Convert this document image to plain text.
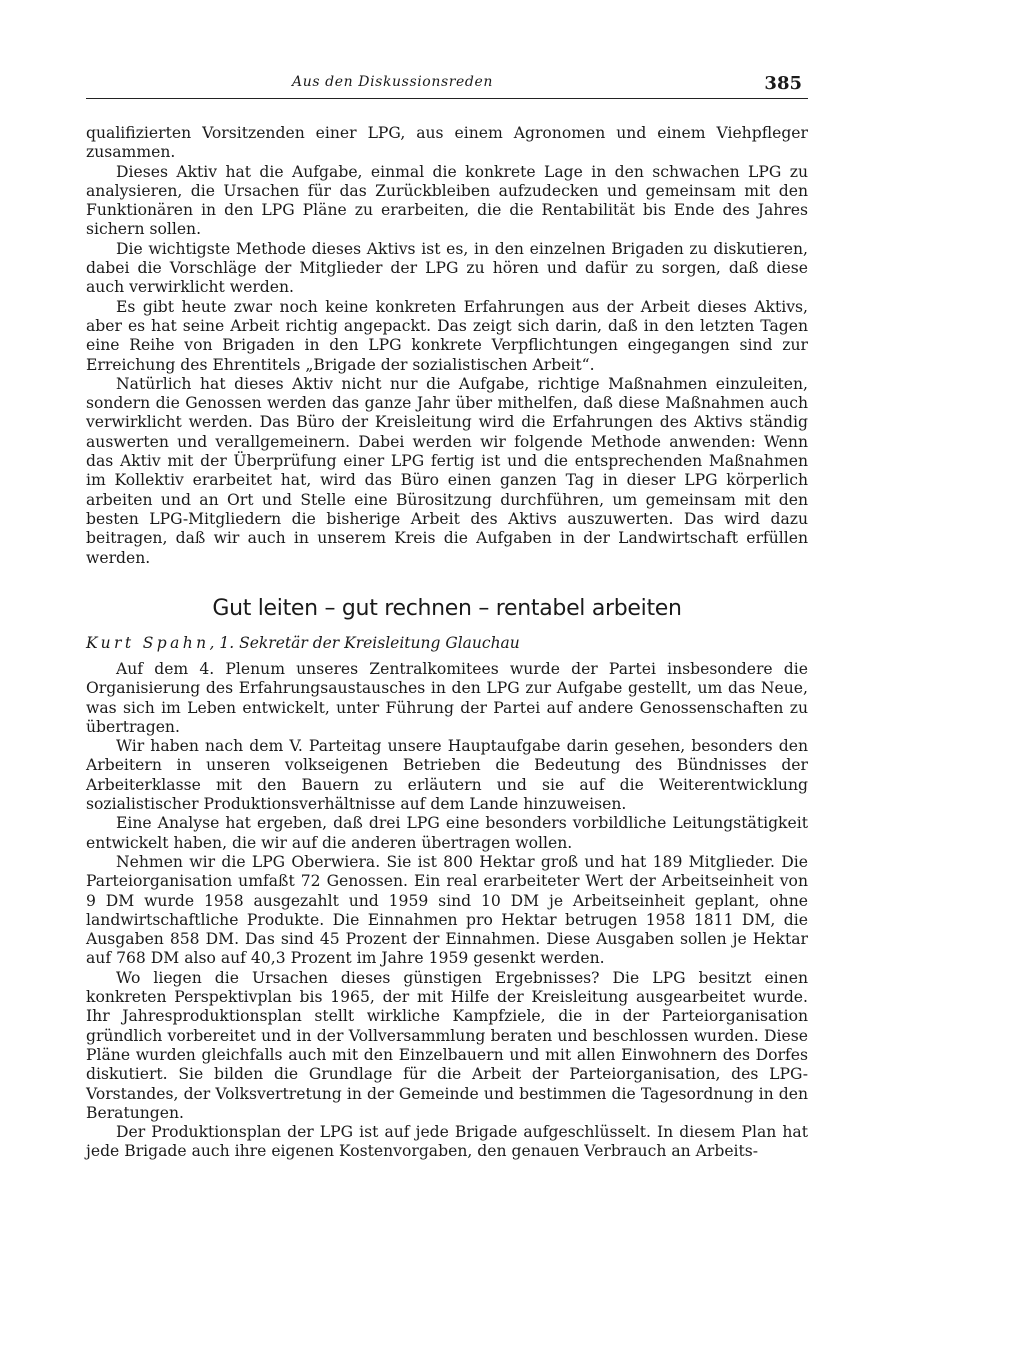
Aus den Diskussionsreden	385

qualifizierten Vorsitzenden einer LPG, aus einem Agronomen und einem Viehpfleger zusammen.

Dieses Aktiv hat die Aufgabe, einmal die konkrete Lage in den schwachen LPG zu analysieren, die Ursachen für das Zurückbleiben aufzudecken und gemeinsam mit den Funktionären in den LPG Pläne zu erarbeiten, die die Rentabilität bis Ende des Jahres sichern sollen.

Die wichtigste Methode dieses Aktivs ist es, in den einzelnen Brigaden zu diskutieren, dabei die Vorschläge der Mitglieder der LPG zu hören und dafür zu sorgen, daß diese auch verwirklicht werden.

Es gibt heute zwar noch keine konkreten Erfahrungen aus der Arbeit dieses Aktivs, aber es hat seine Arbeit richtig angepackt. Das zeigt sich darin, daß in den letzten Tagen eine Reihe von Brigaden in den LPG konkrete Verpflichtungen eingegangen sind zur Erreichung des Ehrentitels „Brigade der sozialistischen Arbeit“.

Natürlich hat dieses Aktiv nicht nur die Aufgabe, richtige Maßnahmen einzuleiten, sondern die Genossen werden das ganze Jahr über mithelfen, daß diese Maßnahmen auch verwirklicht werden. Das Büro der Kreisleitung wird die Erfahrungen des Aktivs ständig auswerten und verallgemeinern. Dabei werden wir folgende Methode anwenden: Wenn das Aktiv mit der Überprüfung einer LPG fertig ist und die entsprechenden Maßnahmen im Kollektiv erarbeitet hat, wird das Büro einen ganzen Tag in dieser LPG körperlich arbeiten und an Ort und Stelle eine Bürositzung durchführen, um gemeinsam mit den besten LPG-Mitgliedern die bisherige Arbeit des Aktivs auszuwerten. Das wird dazu beitragen, daß wir auch in unserem Kreis die Aufgaben in der Landwirtschaft erfüllen werden.

Gut leiten – gut rechnen – rentabel arbeiten
Kurt Spahn, 1. Sekretär der Kreisleitung Glauchau

Auf dem 4. Plenum unseres Zentralkomitees wurde der Partei insbesondere die Organisierung des Erfahrungsaustausches in den LPG zur Aufgabe gestellt, um das Neue, was sich im Leben entwickelt, unter Führung der Partei auf andere Genossenschaften zu übertragen.

Wir haben nach dem V. Parteitag unsere Hauptaufgabe darin gesehen, besonders den Arbeitern in unseren volkseigenen Betrieben die Bedeutung des Bündnisses der Arbeiterklasse mit den Bauern zu erläutern und sie auf die Weiterentwicklung sozialistischer Produktionsverhältnisse auf dem Lande hinzuweisen.

Eine Analyse hat ergeben, daß drei LPG eine besonders vorbildliche Leitungstätigkeit entwickelt haben, die wir auf die anderen übertragen wollen.

Nehmen wir die LPG Oberwiera. Sie ist 800 Hektar groß und hat 189 Mitglieder. Die Parteiorganisation umfaßt 72 Genossen. Ein real erarbeiteter Wert der Arbeitseinheit von 9 DM wurde 1958 ausgezahlt und 1959 sind 10 DM je Arbeitseinheit geplant, ohne landwirtschaftliche Produkte. Die Einnahmen pro Hektar betrugen 1958 1811 DM, die Ausgaben 858 DM. Das sind 45 Prozent der Einnahmen. Diese Ausgaben sollen je Hektar auf 768 DM also auf 40,3 Prozent im Jahre 1959 gesenkt werden.

Wo liegen die Ursachen dieses günstigen Ergebnisses? Die LPG besitzt einen konkreten Perspektivplan bis 1965, der mit Hilfe der Kreisleitung ausgearbeitet wurde. Ihr Jahresproduktionsplan stellt wirkliche Kampfziele, die in der Parteiorganisation gründlich vorbereitet und in der Vollversammlung beraten und beschlossen wurden. Diese Pläne wurden gleichfalls auch mit den Einzelbauern und mit allen Einwohnern des Dorfes diskutiert. Sie bilden die Grundlage für die Arbeit der Parteiorganisation, des LPG-Vorstandes, der Volksvertretung in der Gemeinde und bestimmen die Tagesordnung in den Beratungen.

Der Produktionsplan der LPG ist auf jede Brigade aufgeschlüsselt. In diesem Plan hat jede Brigade auch ihre eigenen Kostenvorgaben, den genauen Verbrauch an Arbeits-
